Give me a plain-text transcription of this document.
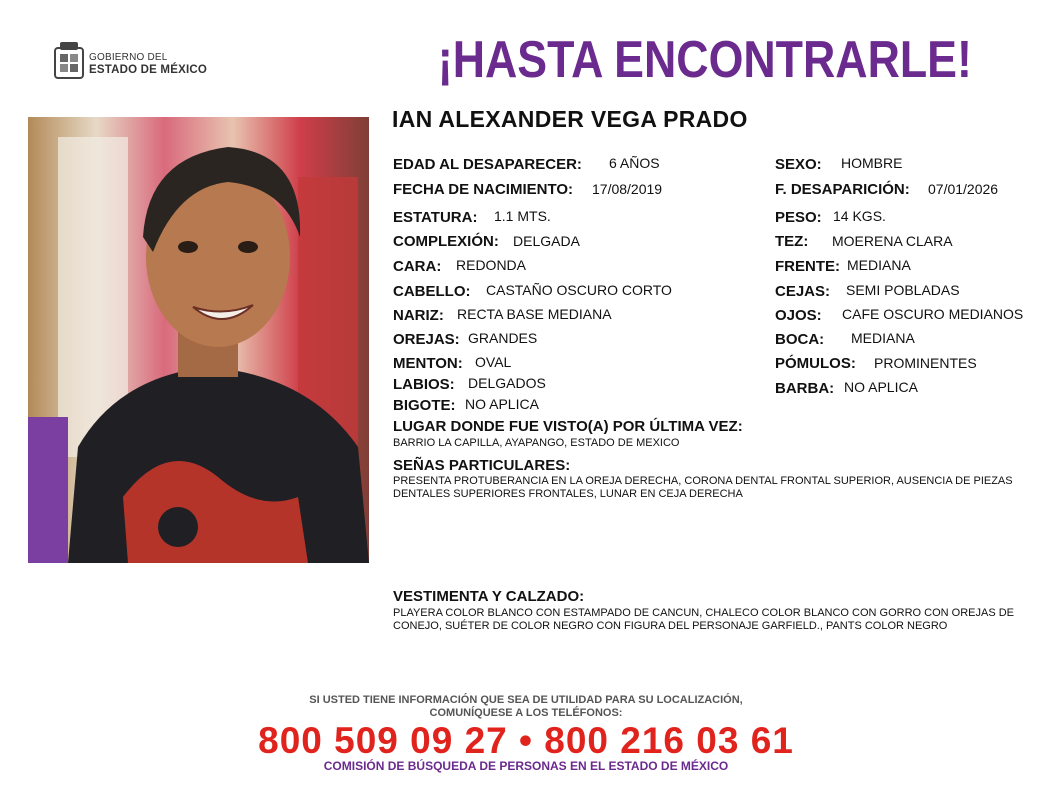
GOBIERNO DEL
ESTADO DE MÉXICO	¡HASTA ENCONTRARLE!
IAN ALEXANDER VEGA PRADO
EDAD AL DESAPARECER: 6 AÑOS
FECHA DE NACIMIENTO: 17/08/2019
ESTATURA: 1.1 MTS.
COMPLEXIÓN: DELGADA
CARA: REDONDA
CABELLO: CASTAÑO OSCURO CORTO
NARIZ: RECTA BASE MEDIANA
OREJAS: GRANDES
MENTON: OVAL
LABIOS: DELGADOS
BIGOTE: NO APLICA
SEXO: HOMBRE
F. DESAPARICIÓN: 07/01/2026
PESO: 14 KGS.
TEZ: MOERENA CLARA
FRENTE: MEDIANA
CEJAS: SEMI POBLADAS
OJOS: CAFE OSCURO MEDIANOS
BOCA: MEDIANA
PÓMULOS: PROMINENTES
BARBA: NO APLICA
LUGAR DONDE FUE VISTO(A) POR ÚLTIMA VEZ:
BARRIO LA CAPILLA, AYAPANGO, ESTADO DE MEXICO
SEÑAS PARTICULARES:
PRESENTA PROTUBERANCIA EN LA OREJA DERECHA, CORONA DENTAL FRONTAL SUPERIOR, AUSENCIA DE PIEZAS
DENTALES SUPERIORES FRONTALES, LUNAR EN CEJA DERECHA
VESTIMENTA Y CALZADO:
PLAYERA COLOR BLANCO CON ESTAMPADO DE CANCUN, CHALECO COLOR BLANCO CON GORRO CON OREJAS DE
CONEJO, SUÉTER DE COLOR NEGRO CON FIGURA DEL PERSONAJE GARFIELD., PANTS COLOR NEGRO
SI USTED TIENE INFORMACIÓN QUE SEA DE UTILIDAD PARA SU LOCALIZACIÓN,
COMUNÍQUESE A LOS TELÉFONOS:
800 509 09 27 • 800 216 03 61
COMISIÓN DE BÚSQUEDA DE PERSONAS EN EL ESTADO DE MÉXICO
